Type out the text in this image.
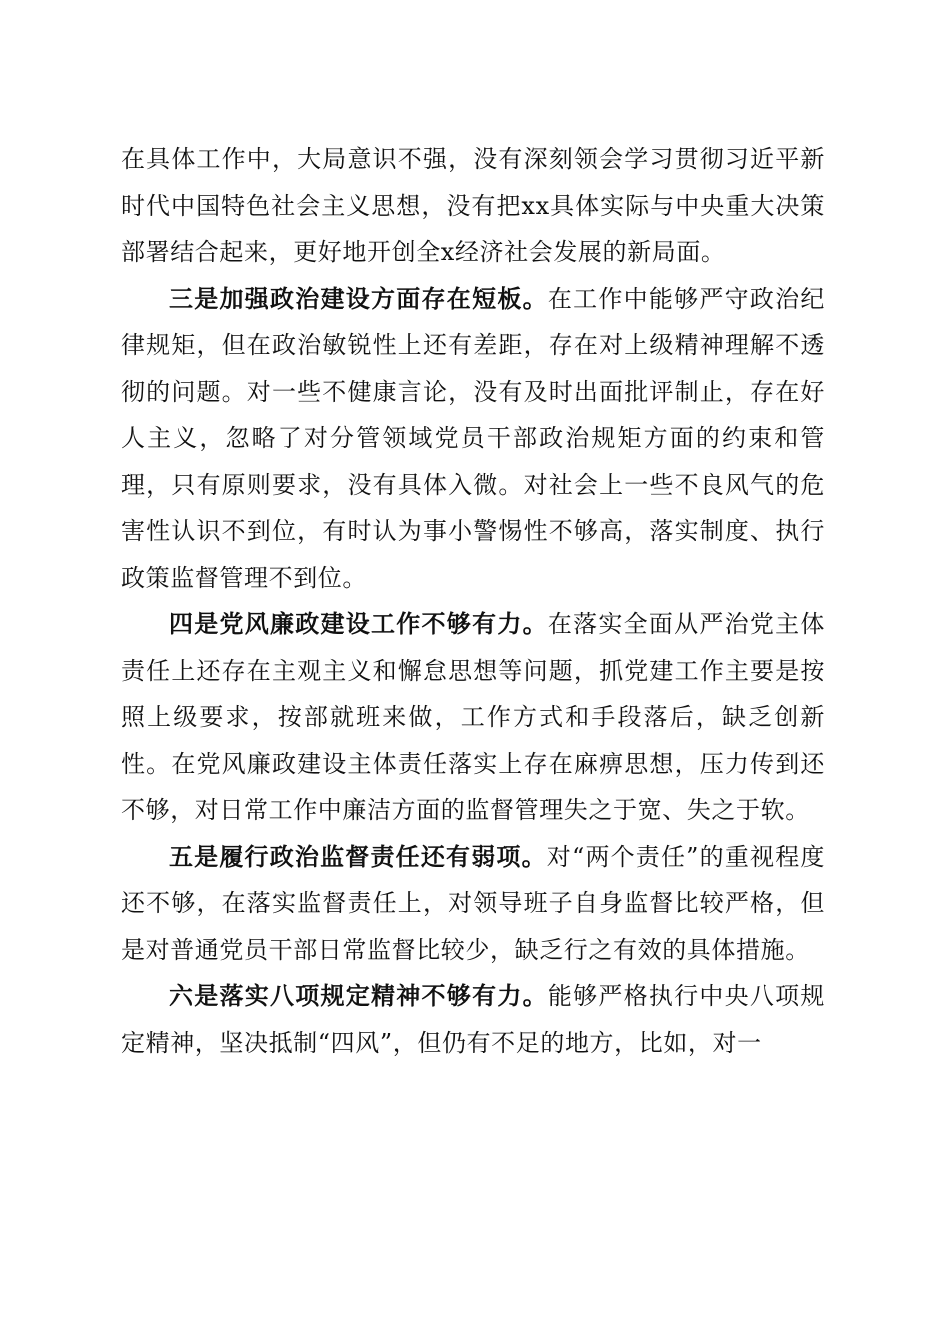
在具体工作中，大局意识不强，没有深刻领会学习贯彻习近平新时代中国特色社会主义思想，没有把xx具体实际与中央重大决策部署结合起来，更好地开创全x经济社会发展的新局面。

三是加强政治建设方面存在短板。在工作中能够严守政治纪律规矩，但在政治敏锐性上还有差距，存在对上级精神理解不透彻的问题。对一些不健康言论，没有及时出面批评制止，存在好人主义，忽略了对分管领域党员干部政治规矩方面的约束和管理，只有原则要求，没有具体入微。对社会上一些不良风气的危害性认识不到位，有时认为事小警惕性不够高，落实制度、执行政策监督管理不到位。

四是党风廉政建设工作不够有力。在落实全面从严治党主体责任上还存在主观主义和懈怠思想等问题，抓党建工作主要是按照上级要求，按部就班来做，工作方式和手段落后，缺乏创新性。在党风廉政建设主体责任落实上存在麻痹思想，压力传到还不够，对日常工作中廉洁方面的监督管理失之于宽、失之于软。

五是履行政治监督责任还有弱项。对“两个责任”的重视程度还不够，在落实监督责任上，对领导班子自身监督比较严格，但是对普通党员干部日常监督比较少，缺乏行之有效的具体措施。

六是落实八项规定精神不够有力。能够严格执行中央八项规定精神，坚决抵制“四风”，但仍有不足的地方，比如，对一
